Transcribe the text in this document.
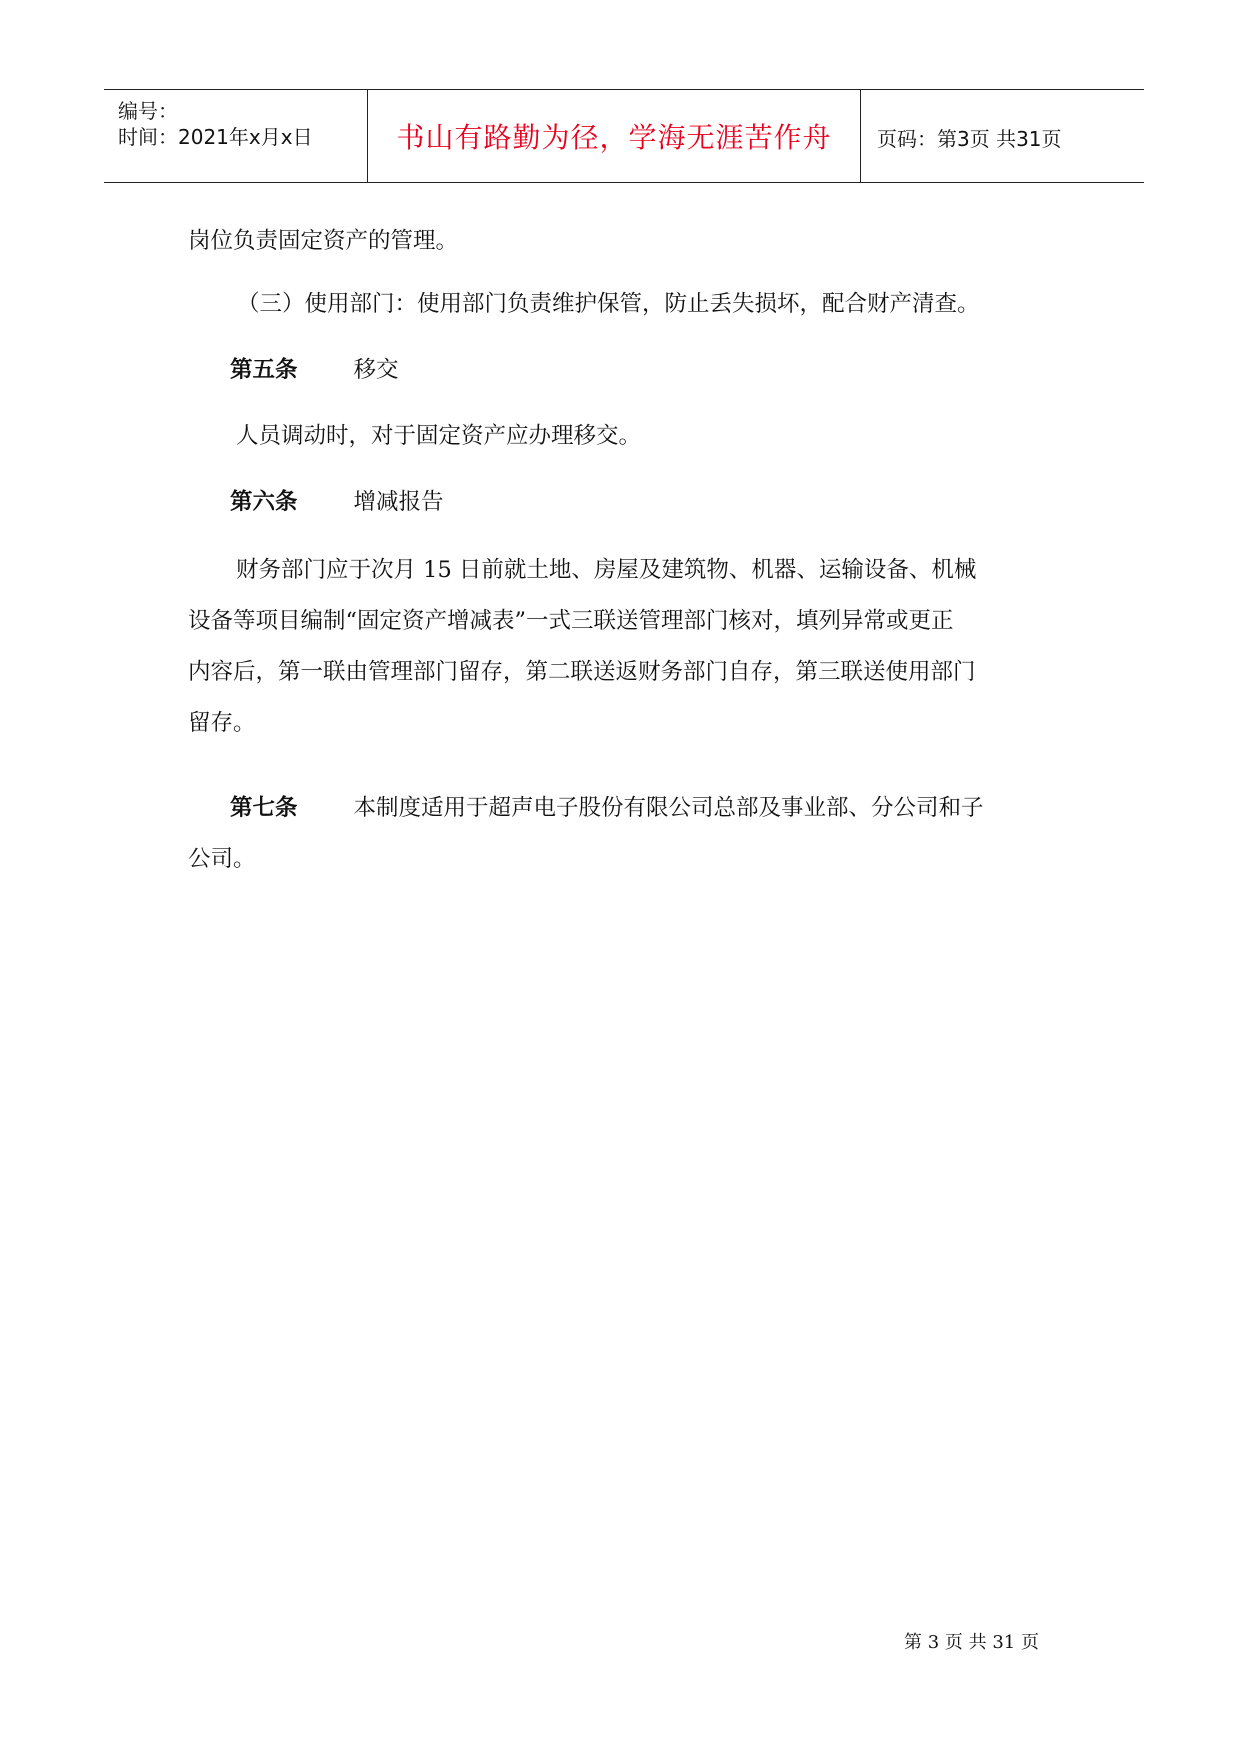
编号：
时间：2021年x月x日	书山有路勤为径，学海无涯苦作舟	页码：第3页 共31页
岗位负责固定资产的管理。
（三）使用部门：使用部门负责维护保管，防止丢失损坏，配合财产清查。
第五条 移交
人员调动时，对于固定资产应办理移交。
第六条 增减报告
财务部门应于次月 15 日前就土地、房屋及建筑物、机器、运输设备、机械
设备等项目编制“固定资产增减表”一式三联送管理部门核对，填列异常或更正
内容后，第一联由管理部门留存，第二联送返财务部门自存，第三联送使用部门
留存。
第七条 本制度适用于超声电子股份有限公司总部及事业部、分公司和子
公司。
第 3 页 共 31 页
